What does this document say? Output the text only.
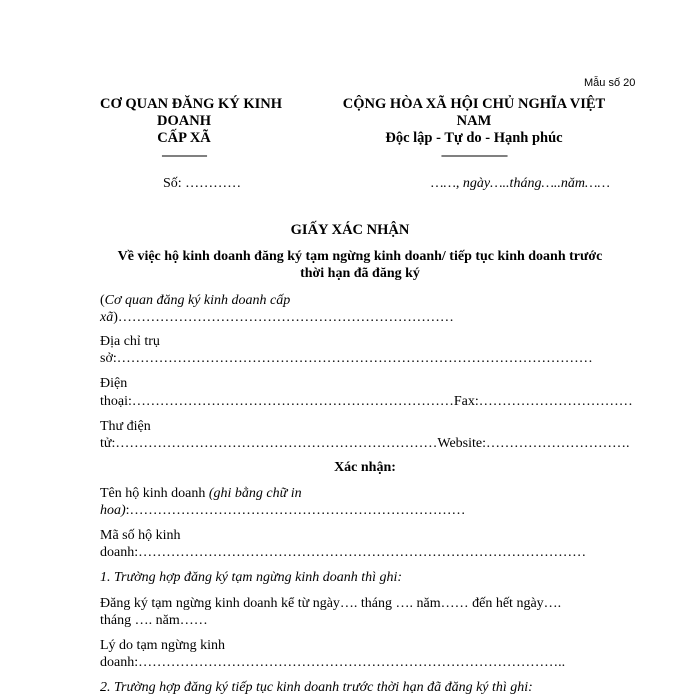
Mẫu số 20
CƠ QUAN ĐĂNG KÝ KINH
DOANH
CẤP XÃ
---------------
CỘNG HÒA XÃ HỘI CHỦ NGHĨA VIỆT
NAM
Độc lập - Tự do - Hạnh phúc
----------------------
Số: …………	……, ngày…..tháng…..năm……
GIẤY XÁC NHẬN
Về việc hộ kinh doanh đăng ký tạm ngừng kinh doanh/ tiếp tục kinh doanh trước
thời hạn đã đăng ký
(Cơ quan đăng ký kinh doanh cấp
xã)………………………………………………………………
Địa chỉ trụ
sở:…………………………………………………………………………………………
Điện
thoại:……………………………………………………………Fax:……………………………
Thư điện
tử:……………………………………………………………Website:………………………….
Xác nhận:
Tên hộ kinh doanh (ghi bằng chữ in
hoa):………………………………………………………………
Mã số hộ kinh
doanh:……………………………………………………………………………………
1. Trường hợp đăng ký tạm ngừng kinh doanh thì ghi:
Đăng ký tạm ngừng kinh doanh kể từ ngày…. tháng …. năm…… đến hết ngày….
tháng …. năm……
Lý do tạm ngừng kinh
doanh:………………………………………………………………………………..
2. Trường hợp đăng ký tiếp tục kinh doanh trước thời hạn đã đăng ký thì ghi:
